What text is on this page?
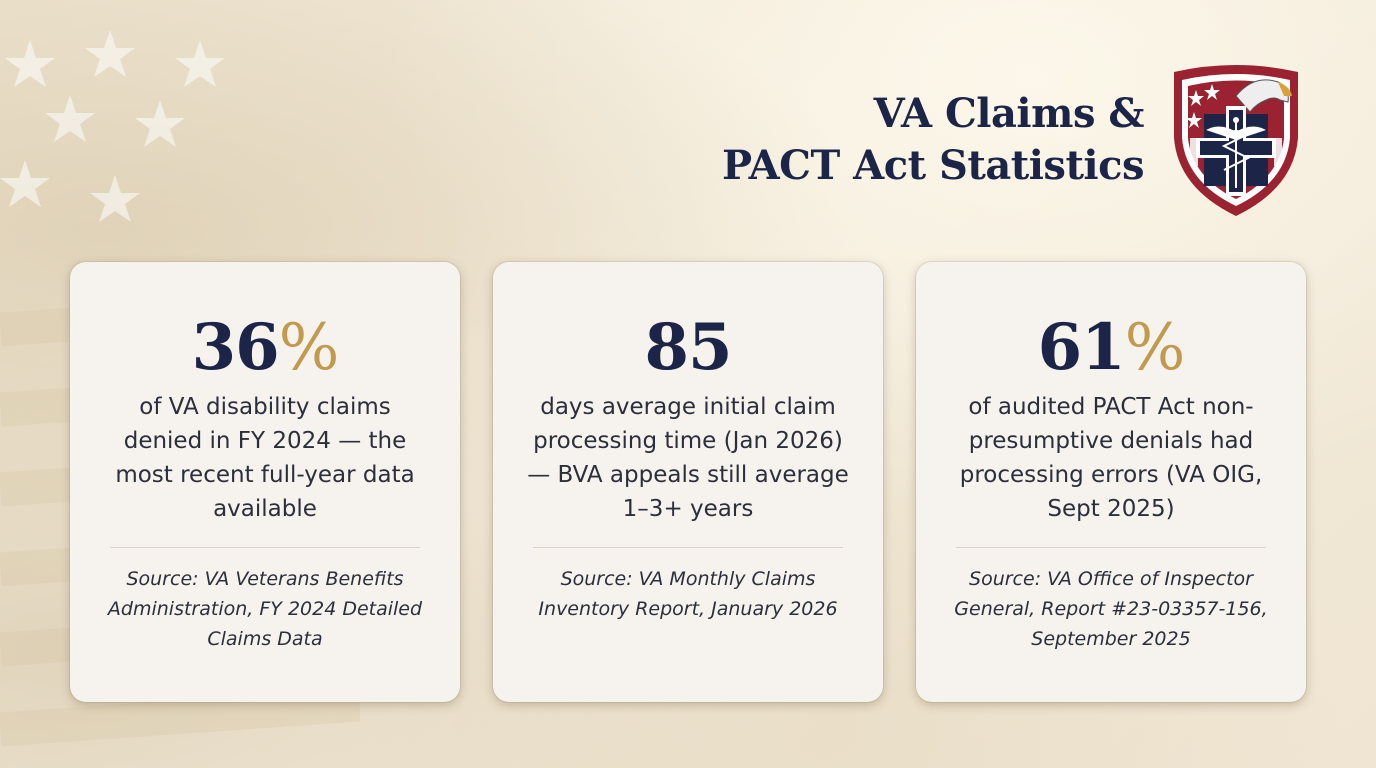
VA Claims &
PACT Act Statistics
36%
of VA disability claims denied in FY 2024 — the most recent full-year data available
Source: VA Veterans Benefits Administration, FY 2024 Detailed Claims Data
85
days average initial claim processing time (Jan 2026) — BVA appeals still average 1–3+ years
Source: VA Monthly Claims Inventory Report, January 2026
61%
of audited PACT Act non-presumptive denials had processing errors (VA OIG, Sept 2025)
Source: VA Office of Inspector General, Report #23-03357-156, September 2025
